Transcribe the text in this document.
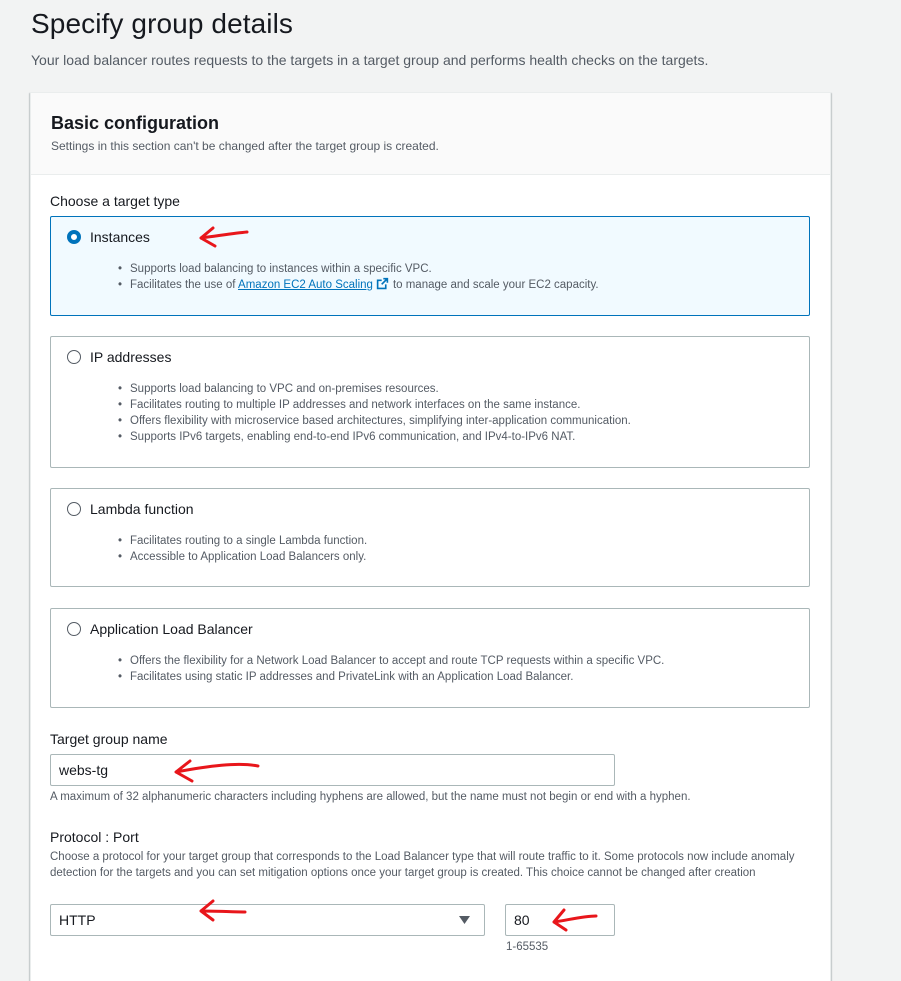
Specify group details

Your load balancer routes requests to the targets in a target group and performs health checks on the targets.

Basic configuration
Settings in this section can't be changed after the target group is created.
Choose a target type
Instances
• Supports load balancing to instances within a specific VPC.
• Facilitates the use of Amazon EC2 Auto Scaling to manage and scale your EC2 capacity.
IP addresses
• Supports load balancing to VPC and on-premises resources.
• Facilitates routing to multiple IP addresses and network interfaces on the same instance.
• Offers flexibility with microservice based architectures, simplifying inter-application communication.
• Supports IPv6 targets, enabling end-to-end IPv6 communication, and IPv4-to-IPv6 NAT.
Lambda function
• Facilitates routing to a single Lambda function.
• Accessible to Application Load Balancers only.
Application Load Balancer
• Offers the flexibility for a Network Load Balancer to accept and route TCP requests within a specific VPC.
• Facilitates using static IP addresses and PrivateLink with an Application Load Balancer.
Target group name
webs-tg
A maximum of 32 alphanumeric characters including hyphens are allowed, but the name must not begin or end with a hyphen.
Protocol : Port
Choose a protocol for your target group that corresponds to the Load Balancer type that will route traffic to it. Some protocols now include anomaly detection for the targets and you can set mitigation options once your target group is created. This choice cannot be changed after creation
HTTP	80
1-65535
